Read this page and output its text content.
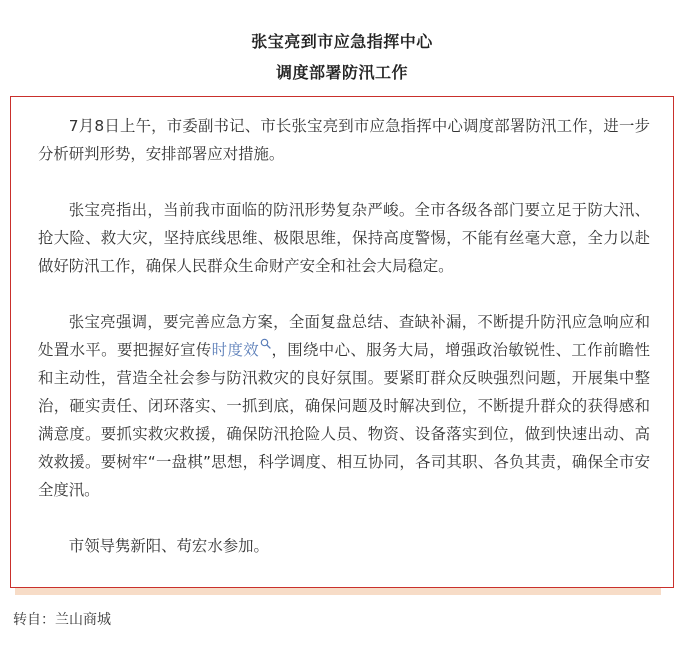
张宝亮到市应急指挥中心
调度部署防汛工作

7月8日上午，市委副书记、市长张宝亮到市应急指挥中心调度部署防汛工作，进一步分析研判形势，安排部署应对措施。

张宝亮指出，当前我市面临的防汛形势复杂严峻。全市各级各部门要立足于防大汛、抢大险、救大灾，坚持底线思维、极限思维，保持高度警惕，不能有丝毫大意，全力以赴做好防汛工作，确保人民群众生命财产安全和社会大局稳定。

张宝亮强调，要完善应急方案，全面复盘总结、查缺补漏，不断提升防汛应急响应和处置水平。要把握好宣传时度效 ，围绕中心、服务大局，增强政治敏锐性、工作前瞻性和主动性，营造全社会参与防汛救灾的良好氛围。要紧盯群众反映强烈问题，开展集中整治，砸实责任、闭环落实、一抓到底，确保问题及时解决到位，不断提升群众的获得感和满意度。要抓实救灾救援，确保防汛抢险人员、物资、设备落实到位，做到快速出动、高效救援。要树牢“一盘棋”思想，科学调度、相互协同，各司其职、各负其责，确保全市安全度汛。

市领导隽新阳、苟宏水参加。

转自：兰山商城
